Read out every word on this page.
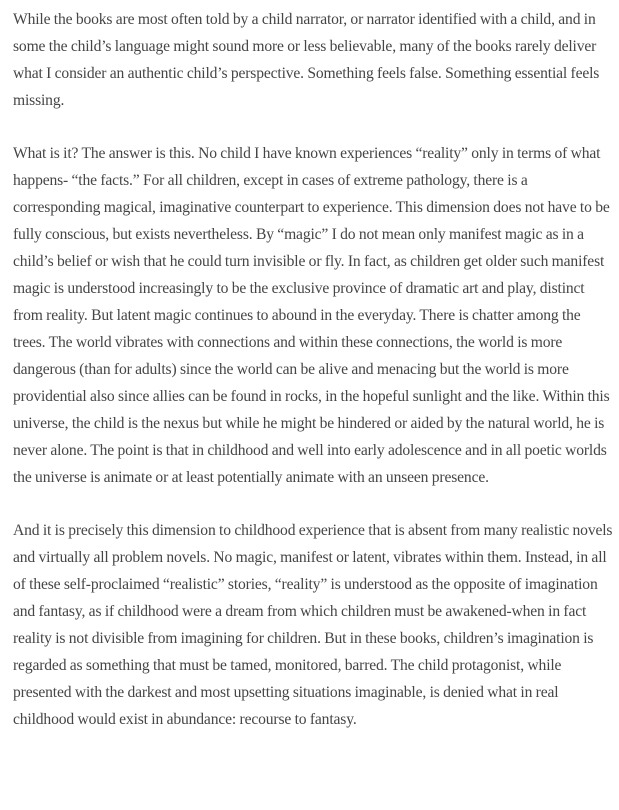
While the books are most often told by a child narrator, or narrator identified with a child, and in some the child’s language might sound more or less believable, many of the books rarely deliver what I consider an authentic child’s perspective. Something feels false. Something essential feels missing.

What is it? The answer is this. No child I have known experiences “reality” only in terms of what happens- “the facts.” For all children, except in cases of extreme pathology, there is a corresponding magical, imaginative counterpart to experience. This dimension does not have to be fully conscious, but exists nevertheless. By “magic” I do not mean only manifest magic as in a child’s belief or wish that he could turn invisible or fly. In fact, as children get older such manifest magic is understood increasingly to be the exclusive province of dramatic art and play, distinct from reality. But latent magic continues to abound in the everyday. There is chatter among the trees. The world vibrates with connections and within these connections, the world is more dangerous (than for adults) since the world can be alive and menacing but the world is more providential also since allies can be found in rocks, in the hopeful sunlight and the like. Within this universe, the child is the nexus but while he might be hindered or aided by the natural world, he is never alone. The point is that in childhood and well into early adolescence and in all poetic worlds the universe is animate or at least potentially animate with an unseen presence.

And it is precisely this dimension to childhood experience that is absent from many realistic novels and virtually all problem novels. No magic, manifest or latent, vibrates within them. Instead, in all of these self-proclaimed “realistic” stories, “reality” is understood as the opposite of imagination and fantasy, as if childhood were a dream from which children must be awakened-when in fact reality is not divisible from imagining for children. But in these books, children’s imagination is regarded as something that must be tamed, monitored, barred. The child protagonist, while presented with the darkest and most upsetting situations imaginable, is denied what in real childhood would exist in abundance: recourse to fantasy.
